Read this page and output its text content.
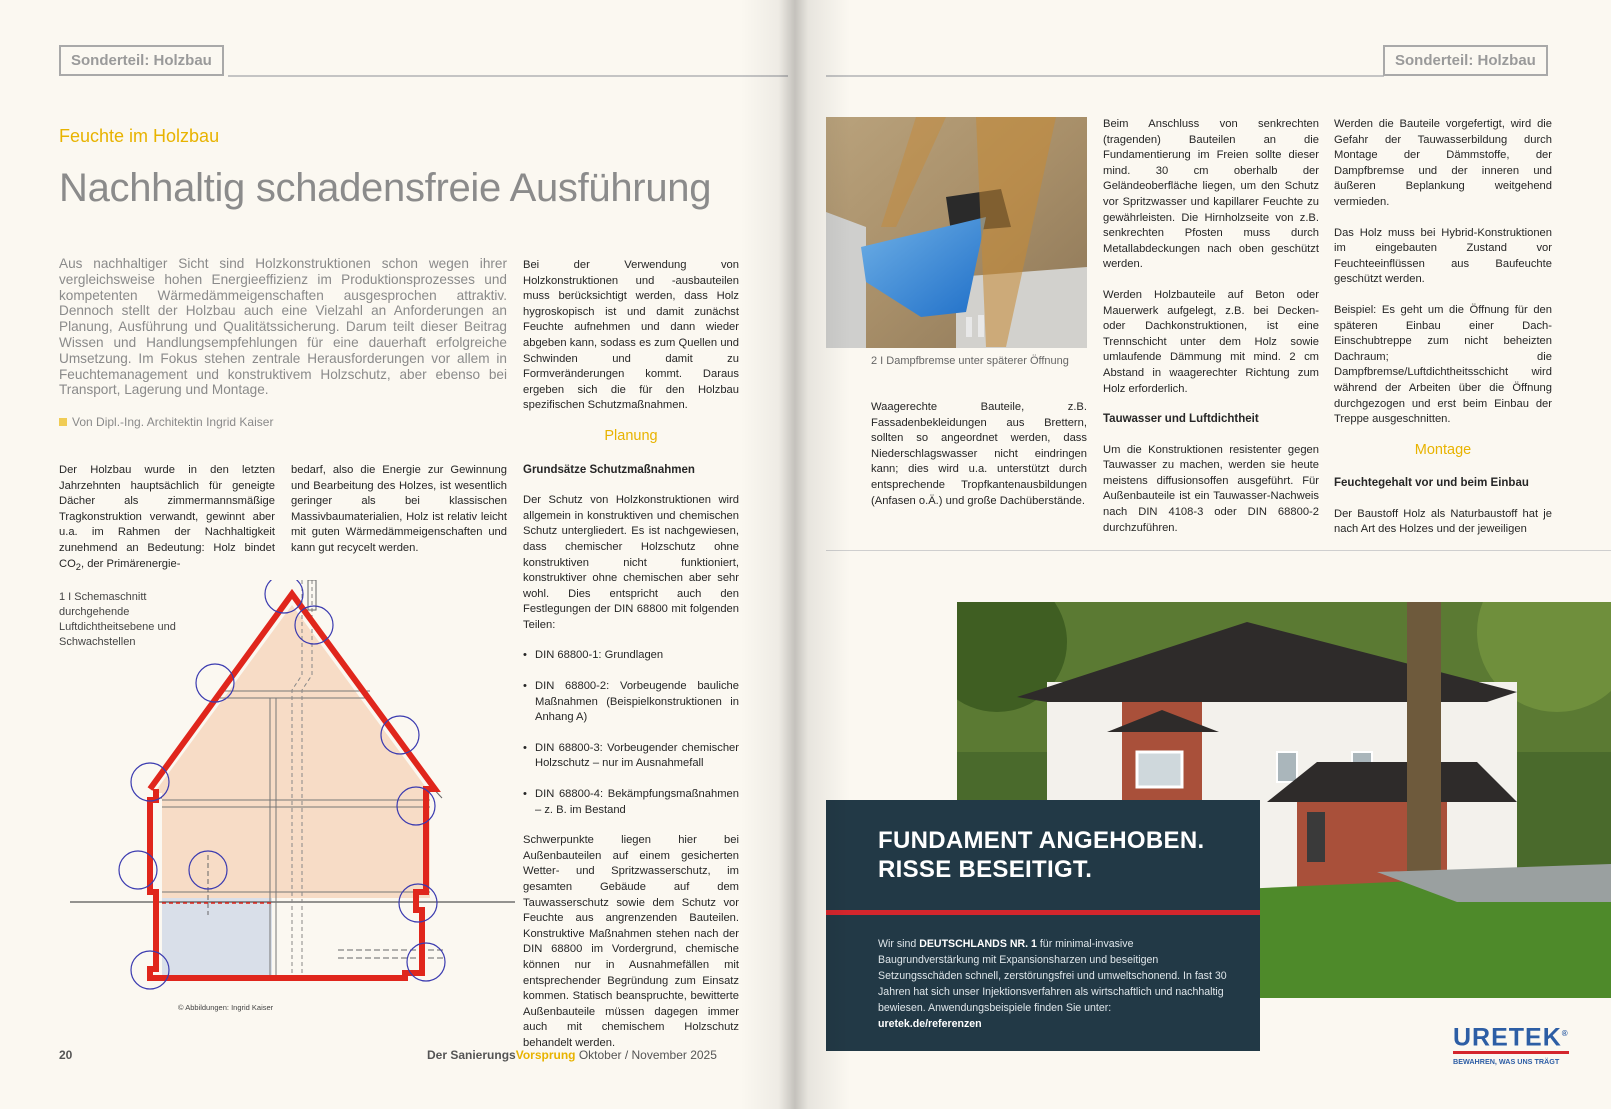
Sonderteil: Holzbau
Feuchte im Holzbau
Nachhaltig schadensfreie Ausführung
Aus nachhaltiger Sicht sind Holzkonstruktionen schon wegen ihrer vergleichsweise hohen Energieeffizienz im Produktionsprozesses und kompetenten Wärmedämmeigenschaften ausgesprochen attraktiv. Dennoch stellt der Holzbau auch eine Vielzahl an Anforderungen an Planung, Ausführung und Qualitätssicherung. Darum teilt dieser Beitrag Wissen und Handlungsempfehlungen für eine dauerhaft erfolgreiche Umsetzung. Im Fokus stehen zentrale Herausforderungen vor allem in Feuchtemanagement und konstruktivem Holzschutz, aber ebenso bei Transport, Lagerung und Montage.
Von Dipl.-Ing. Architektin Ingrid Kaiser

Der Holzbau wurde in den letzten Jahrzehnten hauptsächlich für geneigte Dächer als zimmermannsmäßige Tragkonstruktion verwandt, gewinnt aber u.a. im Rahmen der Nachhaltigkeit zunehmend an Bedeutung: Holz bindet $CO_2$, der Primärenergie-

bedarf, also die Energie zur Gewinnung und Bearbeitung des Holzes, ist wesentlich geringer als bei klassischen Massivbaumaterialien, Holz ist relativ leicht mit guten Wärmedämmeigenschaften und kann gut recycelt werden.

1 I Schemaschnitt durchgehende Luftdichtheitsebene und Schwachstellen
© Abbildungen: Ingrid Kaiser

Bei der Verwendung von Holzkonstruktionen und -ausbauteilen muss berücksichtigt werden, dass Holz hygroskopisch ist und damit zunächst Feuchte aufnehmen und dann wieder abgeben kann, sodass es zum Quellen und Schwinden und damit zu Formveränderungen kommt. Daraus ergeben sich die für den Holzbau spezifischen Schutzmaßnahmen.

Planung
Grundsätze Schutzmaßnahmen

Der Schutz von Holzkonstruktionen wird allgemein in konstruktiven und chemischen Schutz untergliedert. Es ist nachgewiesen, dass chemischer Holzschutz ohne konstruktiven nicht funktioniert, konstruktiver ohne chemischen aber sehr wohl. Dies entspricht auch den Festlegungen der DIN 68800 mit folgenden Teilen:

• DIN 68800-1: Grundlagen
• DIN 68800-2: Vorbeugende bauliche Maßnahmen (Beispielkonstruktionen in Anhang A)
• DIN 68800-3: Vorbeugender chemischer Holzschutz – nur im Ausnahmefall
• DIN 68800-4: Bekämpfungsmaßnahmen – z. B. im Bestand

Schwerpunkte liegen hier bei Außenbauteilen auf einem gesicherten Wetter- und Spritzwasserschutz, im gesamten Gebäude auf dem Tauwasserschutz sowie dem Schutz vor Feuchte aus angrenzenden Bauteilen. Konstruktive Maßnahmen stehen nach der DIN 68800 im Vordergrund, chemische können nur in Ausnahmefällen mit entsprechender Begründung zum Einsatz kommen. Statisch beanspruchte, bewitterte Außenbauteile müssen dagegen immer auch mit chemischem Holzschutz behandelt werden.

20	Der SanierungsVorsprung Oktober / November 2025
Sonderteil: Holzbau
2 I Dampfbremse unter späterer Öffnung

Waagerechte Bauteile, z.B. Fassadenbekleidungen aus Brettern, sollten so angeordnet werden, dass Niederschlagswasser nicht eindringen kann; dies wird u.a. unterstützt durch entsprechende Tropfkantenausbildungen (Anfasen o.Ä.) und große Dachüberstände.

Beim Anschluss von senkrechten (tragenden) Bauteilen an die Fundamentierung im Freien sollte dieser mind. 30 cm oberhalb der Geländeoberfläche liegen, um den Schutz vor Spritzwasser und kapillarer Feuchte zu gewährleisten. Die Hirnholzseite von z.B. senkrechten Pfosten muss durch Metallabdeckungen nach oben geschützt werden.

Werden Holzbauteile auf Beton oder Mauerwerk aufgelegt, z.B. bei Decken- oder Dachkonstruktionen, ist eine Trennschicht unter dem Holz sowie umlaufende Dämmung mit mind. 2 cm Abstand in waagerechter Richtung zum Holz erforderlich.

Tauwasser und Luftdichtheit

Um die Konstruktionen resistenter gegen Tauwasser zu machen, werden sie heute meistens diffusionsoffen ausgeführt. Für Außenbauteile ist ein Tauwasser-Nachweis nach DIN 4108-3 oder DIN 68800-2 durchzuführen.

Werden die Bauteile vorgefertigt, wird die Gefahr der Tauwasserbildung durch Montage der Dämmstoffe, der Dampfbremse und der inneren und äußeren Beplankung weitgehend vermieden.

Das Holz muss bei Hybrid-Konstruktionen im eingebauten Zustand vor Feuchteeinflüssen aus Baufeuchte geschützt werden.

Beispiel: Es geht um die Öffnung für den späteren Einbau einer Dach-Einschubtreppe zum nicht beheizten Dachraum; die Dampfbremse/Luftdichtheitsschicht wird während der Arbeiten über die Öffnung durchgezogen und erst beim Einbau der Treppe ausgeschnitten.

Montage
Feuchtegehalt vor und beim Einbau

Der Baustoff Holz als Naturbaustoff hat je nach Art des Holzes und der jeweiligen

FUNDAMENT ANGEHOBEN.
RISSE BESEITIGT.
Wir sind DEUTSCHLANDS NR. 1 für minimal-invasive Baugrundverstärkung mit Expansionsharzen und beseitigen Setzungsschäden schnell, zerstörungsfrei und umweltschonend. In fast 30 Jahren hat sich unser Injektionsverfahren als wirtschaftlich und nachhaltig bewiesen. Anwendungsbeispiele finden Sie unter:
uretek.de/referenzen	URETEK®
BEWAHREN, WAS UNS TRÄGT
